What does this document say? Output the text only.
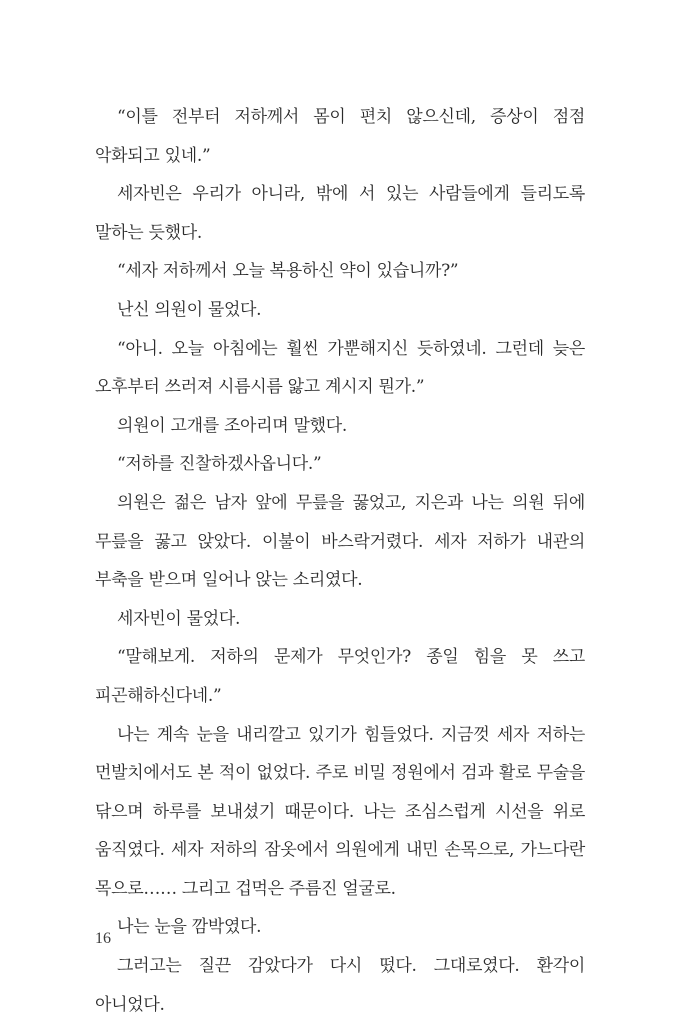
“이틀 전부터 저하께서 몸이 편치 않으신데, 증상이 점점 악화되고 있네.”

세자빈은 우리가 아니라, 밖에 서 있는 사람들에게 들리도록 말하는 듯했다.

“세자 저하께서 오늘 복용하신 약이 있습니까?”

난신 의원이 물었다.

“아니. 오늘 아침에는 훨씬 가뿐해지신 듯하였네. 그런데 늦은 오후부터 쓰러져 시름시름 앓고 계시지 뭔가.”

의원이 고개를 조아리며 말했다.

“저하를 진찰하겠사옵니다.”

의원은 젊은 남자 앞에 무릎을 꿇었고, 지은과 나는 의원 뒤에 무릎을 꿇고 앉았다. 이불이 바스락거렸다. 세자 저하가 내관의 부축을 받으며 일어나 앉는 소리였다.

세자빈이 물었다.

“말해보게. 저하의 문제가 무엇인가? 종일 힘을 못 쓰고 피곤해하신다네.”

나는 계속 눈을 내리깔고 있기가 힘들었다. 지금껏 세자 저하는 먼발치에서도 본 적이 없었다. 주로 비밀 정원에서 검과 활로 무술을 닦으며 하루를 보내셨기 때문이다. 나는 조심스럽게 시선을 위로 움직였다. 세자 저하의 잠옷에서 의원에게 내민 손목으로, 가느다란 목으로…… 그리고 겁먹은 주름진 얼굴로.

나는 눈을 깜박였다.

그러고는 질끈 감았다가 다시 떴다. 그대로였다. 환각이 아니었다.

16
